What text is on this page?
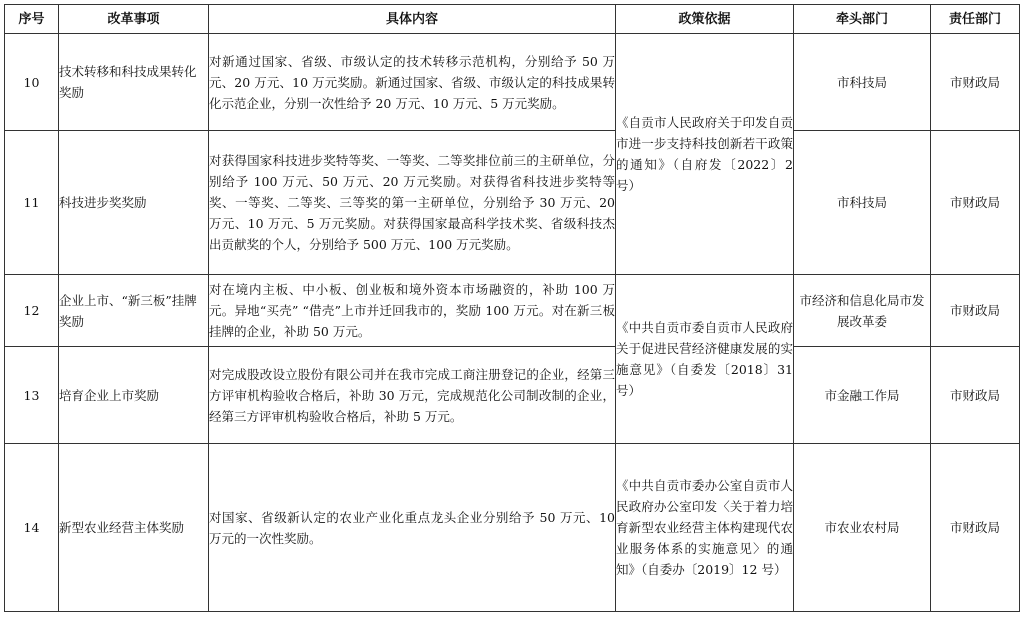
序号	改革事项	具体内容	政策依据	牵头部门	责任部门
10	技术转移和科技成果转化奖励	对新通过国家、省级、市级认定的技术转移示范机构，分别给予 50 万元、20 万元、10 万元奖励。新通过国家、省级、市级认定的科技成果转化示范企业，分别一次性给予 20 万元、10 万元、5 万元奖励。	《自贡市人民政府关于印发自贡市进一步支持科技创新若干政策的通知》（自府发〔2022〕2 号）	市科技局	市财政局
11	科技进步奖奖励	对获得国家科技进步奖特等奖、一等奖、二等奖排位前三的主研单位，分别给予 100 万元、50 万元、20 万元奖励。对获得省科技进步奖特等奖、一等奖、二等奖、三等奖的第一主研单位，分别给予 30 万元、20 万元、10 万元、5 万元奖励。对获得国家最高科学技术奖、省级科技杰出贡献奖的个人，分别给予 500 万元、100 万元奖励。		市科技局	市财政局
12	企业上市、“新三板”挂牌奖励	对在境内主板、中小板、创业板和境外资本市场融资的，补助 100 万元。异地“买壳” “借壳”上市并迁回我市的，奖励 100 万元。对在新三板挂牌的企业，补助 50 万元。	《中共自贡市委自贡市人民政府关于促进民营经济健康发展的实施意见》（自委发〔2018〕31 号）	市经济和信息化局市发展改革委	市财政局
13	培育企业上市奖励	对完成股改设立股份有限公司并在我市完成工商注册登记的企业，经第三方评审机构验收合格后，补助 30 万元，完成规范化公司制改制的企业，经第三方评审机构验收合格后，补助 5 万元。		市金融工作局	市财政局
14	新型农业经营主体奖励	对国家、省级新认定的农业产业化重点龙头企业分别给予 50 万元、10 万元的一次性奖励。	《中共自贡市委办公室自贡市人民政府办公室印发〈关于着力培育新型农业经营主体构建现代农业服务体系的实施意见〉的通知》（自委办〔2019〕12 号）	市农业农村局	市财政局
